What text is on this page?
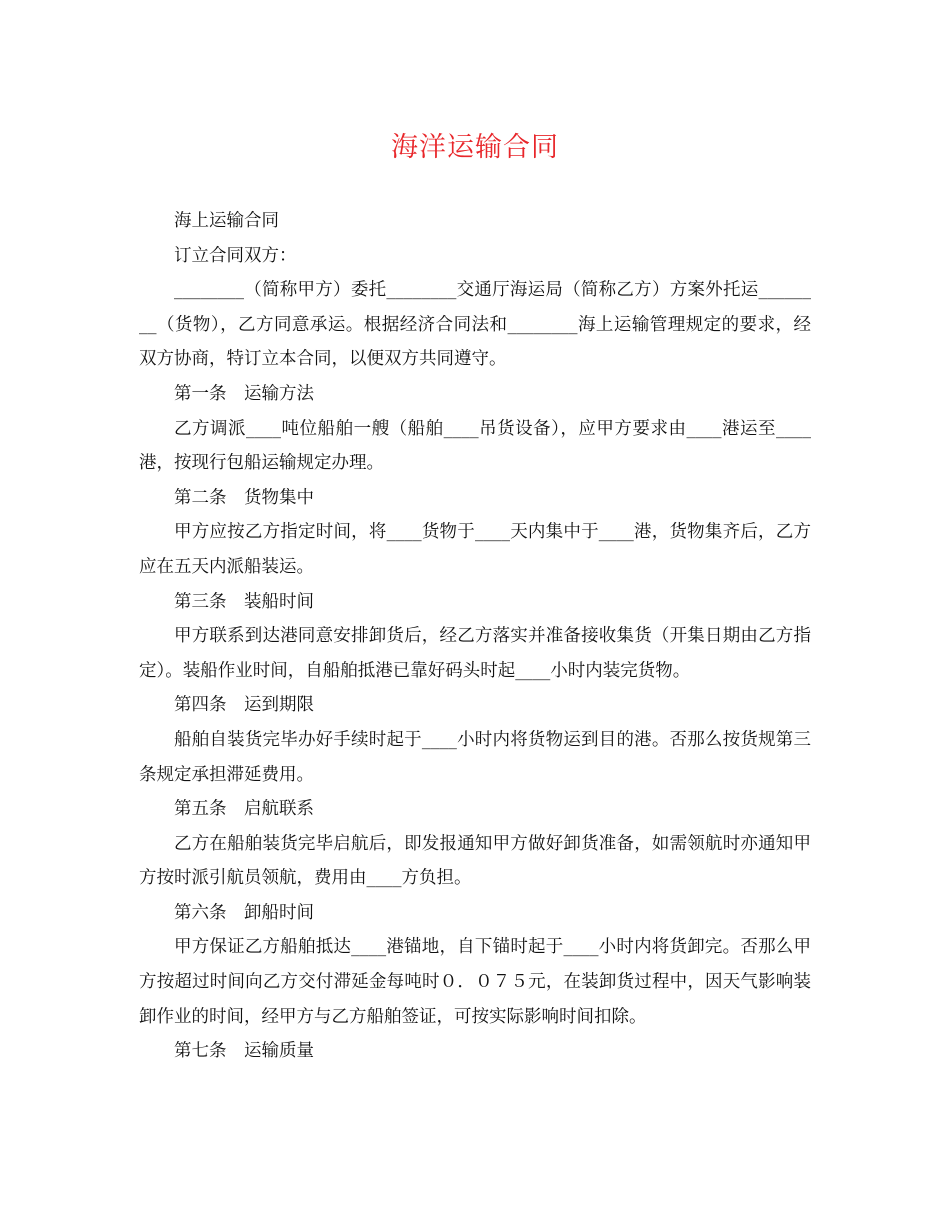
海洋运输合同

海上运输合同

订立合同双方：

________（简称甲方）委托________交通厅海运局（简称乙方）方案外托运________（货物），乙方同意承运。根据经济合同法和________海上运输管理规定的要求，经双方协商，特订立本合同，以便双方共同遵守。

第一条　运输方法

乙方调派____吨位船舶一艘（船舶____吊货设备），应甲方要求由____港运至____港，按现行包船运输规定办理。

第二条　货物集中

甲方应按乙方指定时间，将____货物于____天内集中于____港，货物集齐后，乙方应在五天内派船装运。

第三条　装船时间

甲方联系到达港同意安排卸货后，经乙方落实并准备接收集货（开集日期由乙方指定）。装船作业时间，自船舶抵港已靠好码头时起____小时内装完货物。

第四条　运到期限

船舶自装货完毕办好手续时起于____小时内将货物运到目的港。否那么按货规第三条规定承担滞延费用。

第五条　启航联系

乙方在船舶装货完毕启航后，即发报通知甲方做好卸货准备，如需领航时亦通知甲方按时派引航员领航，费用由____方负担。

第六条　卸船时间

甲方保证乙方船舶抵达____港锚地，自下锚时起于____小时内将货卸完。否那么甲方按超过时间向乙方交付滞延金每吨时０．０７５元，在装卸货过程中，因天气影响装卸作业的时间，经甲方与乙方船舶签证，可按实际影响时间扣除。

第七条　运输质量
